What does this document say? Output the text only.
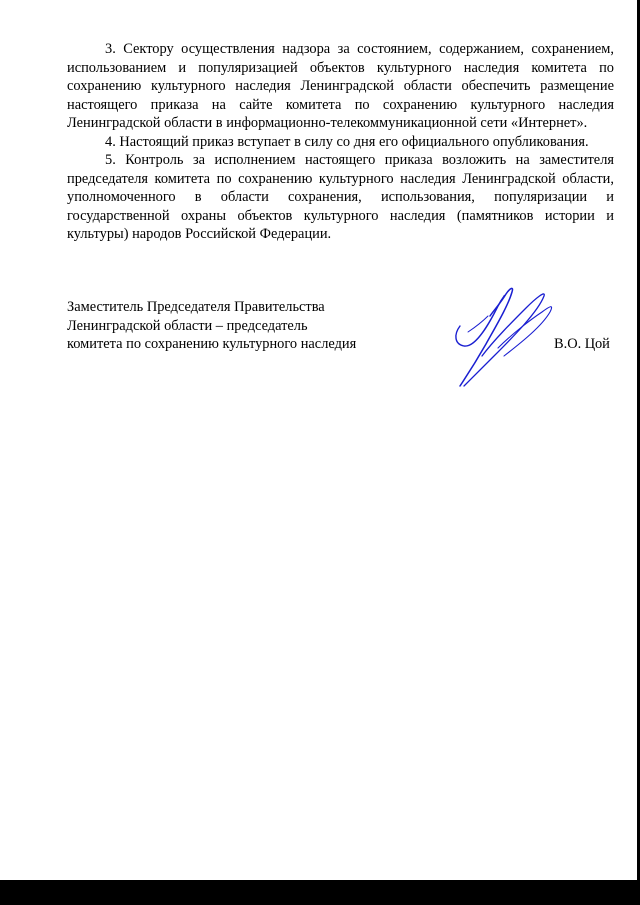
3. Сектору осуществления надзора за состоянием, содержанием, сохранением, использованием и популяризацией объектов культурного наследия комитета по сохранению культурного наследия Ленинградской области обеспечить размещение настоящего приказа на сайте комитета по сохранению культурного наследия Ленинградской области в информационно-телекоммуникационной сети «Интернет».

4. Настоящий приказ вступает в силу со дня его официального опубликования.

5. Контроль за исполнением настоящего приказа возложить на заместителя председателя комитета по сохранению культурного наследия Ленинградской области, уполномоченного в области сохранения, использования, популяризации и государственной охраны объектов культурного наследия (памятников истории и культуры) народов Российской Федерации.

Заместитель Председателя Правительства
Ленинградской области – председатель
комитета по сохранению культурного наследия	В.О. Цой
